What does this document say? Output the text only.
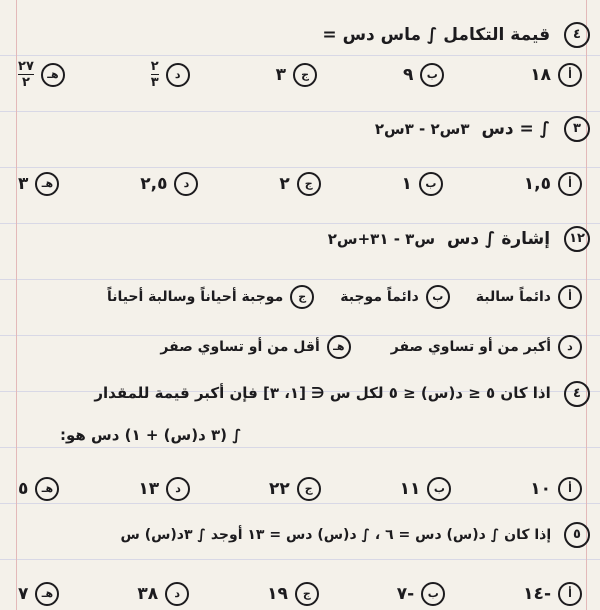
٤ قيمة التكامل ∫ ماس دس =
أ
١٨
ب
٩
ج
٣
د
$\frac{٢}{٣}$
هـ
$\frac{٢٧}{٢}$
٣ ∫ = دس ٣س٢ - ٣س٢
أ
١,٥
ب
١
ج
٢
د
٢,٥
هـ
٣
١٢ إشارة ∫ دس س٣ - ٣١+س٢
أ
دائماً سالبة
ب
دائماً موجبة
ج
موجبة أحياناً وسالبة أحياناً
د
أكبر من أو تساوي صفر
هـ
أقل من أو تساوي صفر
٤ اذا كان ٥ ≤ د(س) ≤ ٥ لكل س ∈ [١، ٣] فإن أكبر قيمة للمقدار
∫ (٣ د(س) + ١) دس هو:
أ
١٠
ب
١١
ج
٢٢
د
١٣
هـ
٥
٥ إذا كان ∫ د(س) دس = ٦ ، ∫ د(س) دس = ١٣ أوجد ∫ ٣د(س) س
أ
-١٤
ب
-٧
ج
١٩
د
٣٨
هـ
٧
